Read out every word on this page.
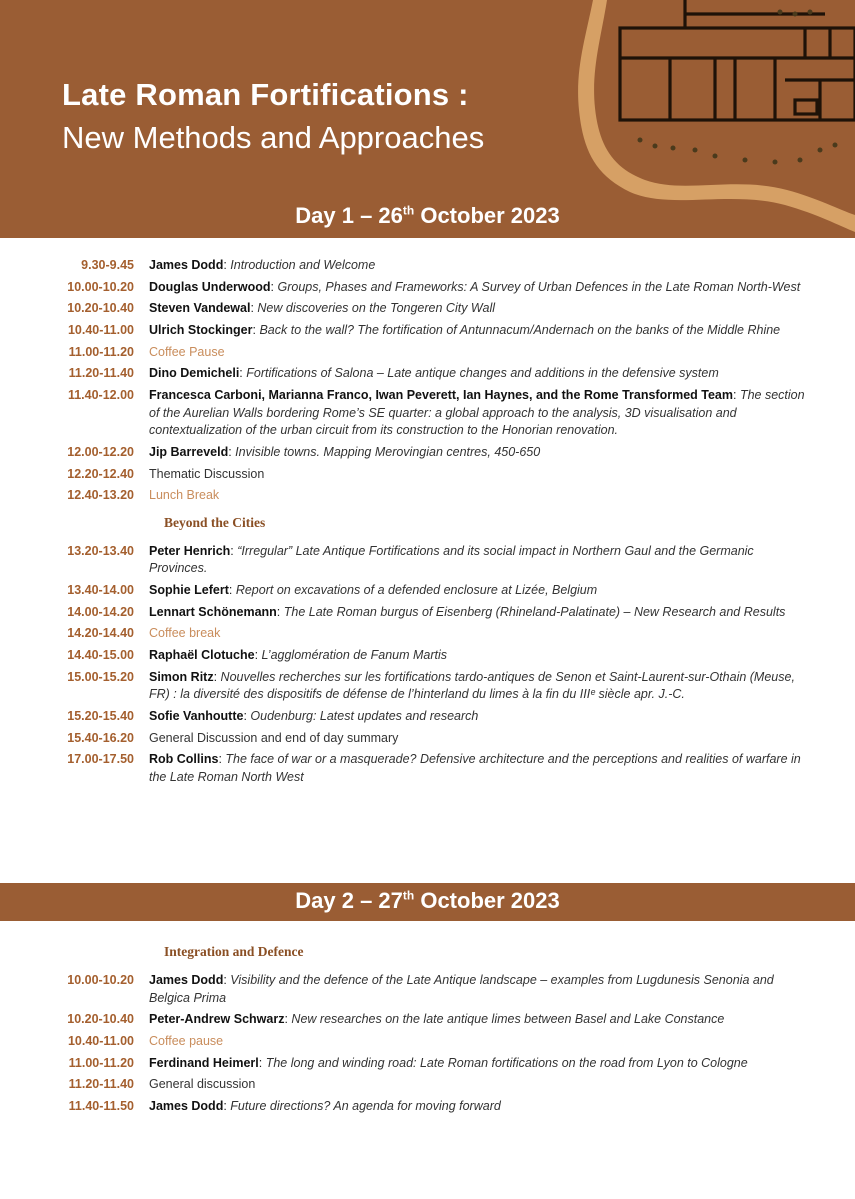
Late Roman Fortifications :
New Methods and Approaches
Day 1 – 26th October 2023
9.30-9.45	James Dodd: Introduction and Welcome
10.00-10.20	Douglas Underwood: Groups, Phases and Frameworks: A Survey of Urban Defences in the Late Roman North-West
10.20-10.40	Steven Vandewal: New discoveries on the Tongeren City Wall
10.40-11.00	Ulrich Stockinger: Back to the wall? The fortification of Antunnacum/Andernach on the banks of the Middle Rhine
11.00-11.20	Coffee Pause
11.20-11.40	Dino Demicheli: Fortifications of Salona – Late antique changes and additions in the defensive system
11.40-12.00	Francesca Carboni, Marianna Franco, Iwan Peverett, Ian Haynes, and the Rome Transformed Team: The section of the Aurelian Walls bordering Rome’s SE quarter: a global approach to the analysis, 3D visualisation and contextualization of the urban circuit from its construction to the Honorian renovation.
12.00-12.20	Jip Barreveld: Invisible towns. Mapping Merovingian centres, 450-650
12.20-12.40	Thematic Discussion
12.40-13.20	Lunch Break
Beyond the Cities
13.20-13.40	Peter Henrich: “Irregular” Late Antique Fortifications and its social impact in Northern Gaul and the Germanic Provinces.
13.40-14.00	Sophie Lefert: Report on excavations of a defended enclosure at Lizée, Belgium
14.00-14.20	Lennart Schönemann: The Late Roman burgus of Eisenberg (Rhineland-Palatinate) – New Research and Results
14.20-14.40	Coffee break
14.40-15.00	Raphaël Clotuche: L’agglomération de Fanum Martis
15.00-15.20	Simon Ritz: Nouvelles recherches sur les fortifications tardo-antiques de Senon et Saint-Laurent-sur-Othain (Meuse, FR) : la diversité des dispositifs de défense de l’hinterland du limes à la fin du IIIᵉ siècle apr. J.-C.
15.20-15.40	Sofie Vanhoutte: Oudenburg: Latest updates and research
15.40-16.20	General Discussion and end of day summary
17.00-17.50	Rob Collins: The face of war or a masquerade? Defensive architecture and the perceptions and realities of warfare in the Late Roman North West
Day 2 – 27th October 2023
Integration and Defence
10.00-10.20	James Dodd: Visibility and the defence of the Late Antique landscape – examples from Lugdunesis Senonia and Belgica Prima
10.20-10.40	Peter-Andrew Schwarz: New researches on the late antique limes between Basel and Lake Constance
10.40-11.00	Coffee pause
11.00-11.20	Ferdinand Heimerl: The long and winding road: Late Roman fortifications on the road from Lyon to Cologne
11.20-11.40	General discussion
11.40-11.50	James Dodd: Future directions? An agenda for moving forward
